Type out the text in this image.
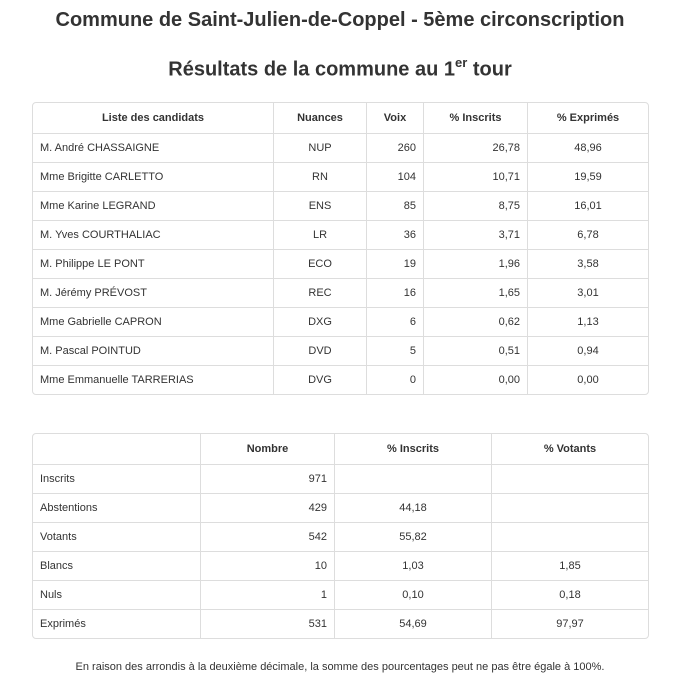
Commune de Saint-Julien-de-Coppel - 5ème circonscription
Résultats de la commune au 1er tour
Liste des candidats	Nuances	Voix	% Inscrits	% Exprimés
M. André CHASSAIGNE	NUP	260	26,78	48,96
Mme Brigitte CARLETTO	RN	104	10,71	19,59
Mme Karine LEGRAND	ENS	85	8,75	16,01
M. Yves COURTHALIAC	LR	36	3,71	6,78
M. Philippe LE PONT	ECO	19	1,96	3,58
M. Jérémy PRÉVOST	REC	16	1,65	3,01
Mme Gabrielle CAPRON	DXG	6	0,62	1,13
M. Pascal POINTUD	DVD	5	0,51	0,94
Mme Emmanuelle TARRERIAS	DVG	0	0,00	0,00
	Nombre	% Inscrits	% Votants
Inscrits	971		
Abstentions	429	44,18	
Votants	542	55,82	
Blancs	10	1,03	1,85
Nuls	1	0,10	0,18
Exprimés	531	54,69	97,97

En raison des arrondis à la deuxième décimale, la somme des pourcentages peut ne pas être égale à 100%.
